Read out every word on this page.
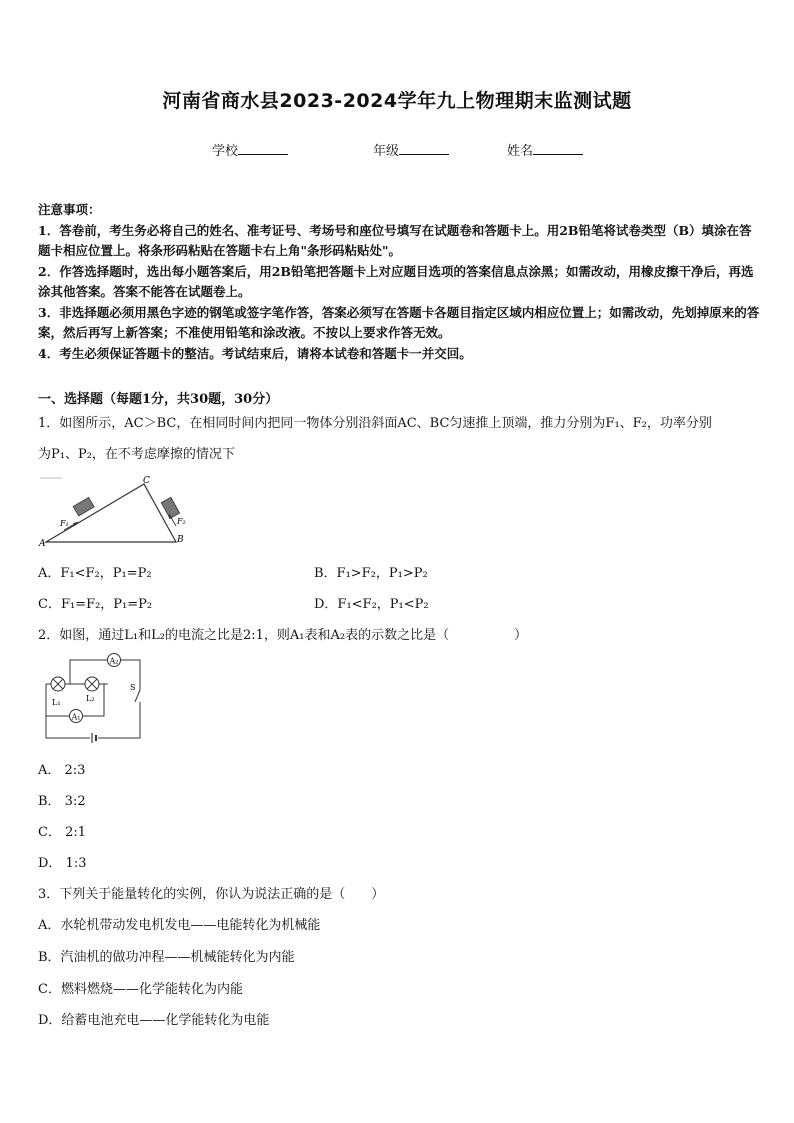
河南省商水县2023-2024学年九上物理期末监测试题
学校	年级	姓名

注意事项：

1．答卷前，考生务必将自己的姓名、准考证号、考场号和座位号填写在试题卷和答题卡上。用2B铅笔将试卷类型（B）填涂在答题卡相应位置上。将条形码粘贴在答题卡右上角"条形码粘贴处"。

2．作答选择题时，选出每小题答案后，用2B铅笔把答题卡上对应题目选项的答案信息点涂黑；如需改动，用橡皮擦干净后，再选涂其他答案。答案不能答在试题卷上。

3．非选择题必须用黑色字迹的钢笔或签字笔作答，答案必须写在答题卡各题目指定区域内相应位置上；如需改动，先划掉原来的答案，然后再写上新答案；不准使用铅笔和涂改液。不按以上要求作答无效。

4．考生必须保证答题卡的整洁。考试结束后，请将本试卷和答题卡一并交回。

一、选择题（每题1分，共30题，30分）
1．如图所示，AC＞BC，在相同时间内把同一物体分别沿斜面AC、BC匀速推上顶端，推力分别为F₁、F₂，功率分别
为P₁、P₂，在不考虑摩擦的情况下
A	B
C
F₁	F₂
A．F₁<F₂，P₁=P₂	B．F₁>F₂，P₁>P₂
C．F₁=F₂，P₁=P₂	D．F₁<F₂，P₁<P₂
2．如图，通过L₁和L₂的电流之比是2:1，则A₁表和A₂表的示数之比是（　　　　　）
A₂
A₁
L₁	L₂
S
A． 2:3
B． 3:2
C． 2:1
D． 1:3
3．下列关于能量转化的实例，你认为说法正确的是（　　）
A．水轮机带动发电机发电——电能转化为机械能
B．汽油机的做功冲程——机械能转化为内能
C．燃料燃烧——化学能转化为内能
D．给蓄电池充电——化学能转化为电能
